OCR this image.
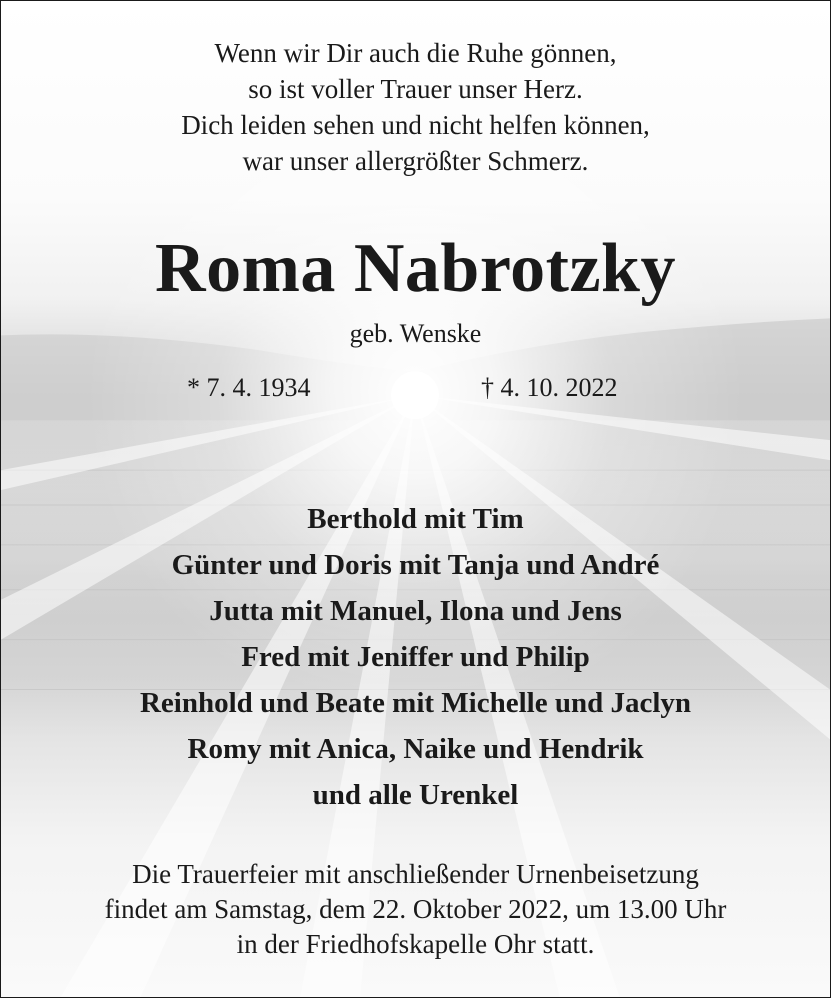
Wenn wir Dir auch die Ruhe gönnen,
so ist voller Trauer unser Herz.
Dich leiden sehen und nicht helfen können,
war unser allergrößter Schmerz.
Roma Nabrotzky
geb. Wenske
* 7. 4. 1934	† 4. 10. 2022
Berthold mit Tim
Günter und Doris mit Tanja und André
Jutta mit Manuel, Ilona und Jens
Fred mit Jeniffer und Philip
Reinhold und Beate mit Michelle und Jaclyn
Romy mit Anica, Naike und Hendrik
und alle Urenkel
Die Trauerfeier mit anschließender Urnenbeisetzung
findet am Samstag, dem 22. Oktober 2022, um 13.00 Uhr
in der Friedhofskapelle Ohr statt.
